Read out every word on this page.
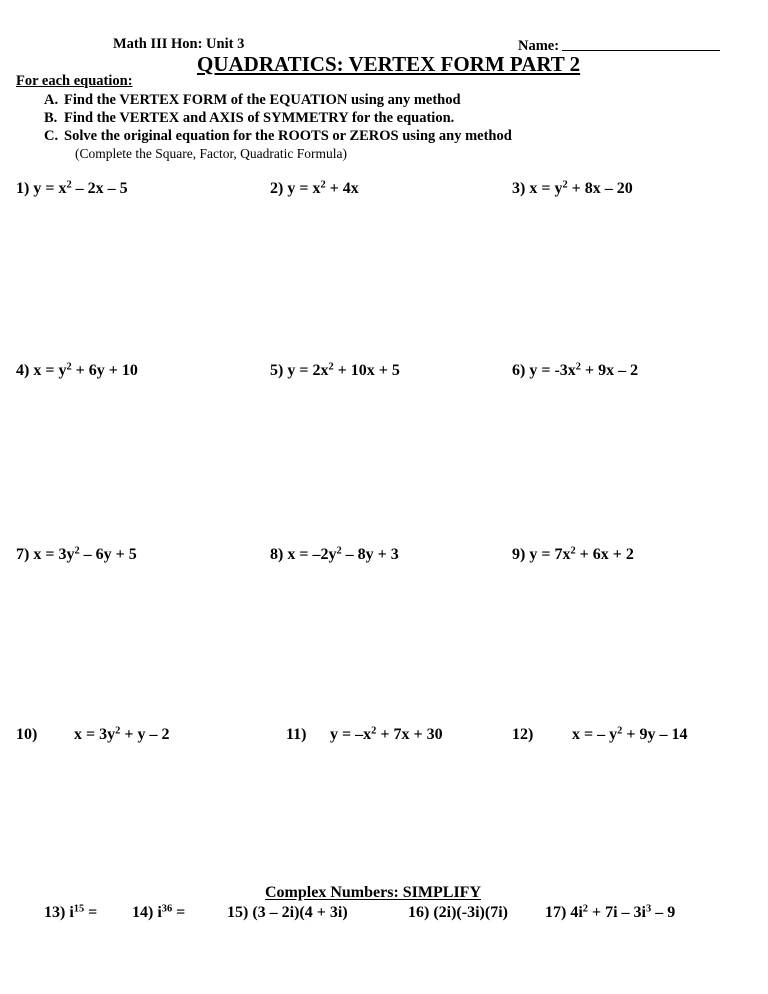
Math III Hon: Unit 3	Name:
QUADRATICS: VERTEX FORM PART 2
For each equation:
A. Find the VERTEX FORM of the EQUATION using any method
B. Find the VERTEX and AXIS of SYMMETRY for the equation.
C. Solve the original equation for the ROOTS or ZEROS using any method
(Complete the Square, Factor, Quadratic Formula)
1) $y = x^2 - 2x - 5$	2) $y = x^2 + 4x$	3) $x = y^2 + 8x - 20$
4) $x = y^2 + 6y + 10$	5) $y = 2x^2 + 10x + 5$	6) $y = -3x^2 + 9x - 2$
7) $x = 3y^2 - 6y + 5$	8) $x = -2y^2 - 8y + 3$	9) $y = 7x^2 + 6x + 2$
10) $x = 3y^2 + y - 2$	11) $y = -x^2 + 7x + 30$	12) x = – $y^2 + 9y - 14$
Complex Numbers: SIMPLIFY
13) $i^{15} = 14$) $i^{36}$ =	15) (3 – 2i)(4 + 3i)	16) (2i)(-3i)(7i) 17) $4i^2 + 7i - 3i^3 - 9$
